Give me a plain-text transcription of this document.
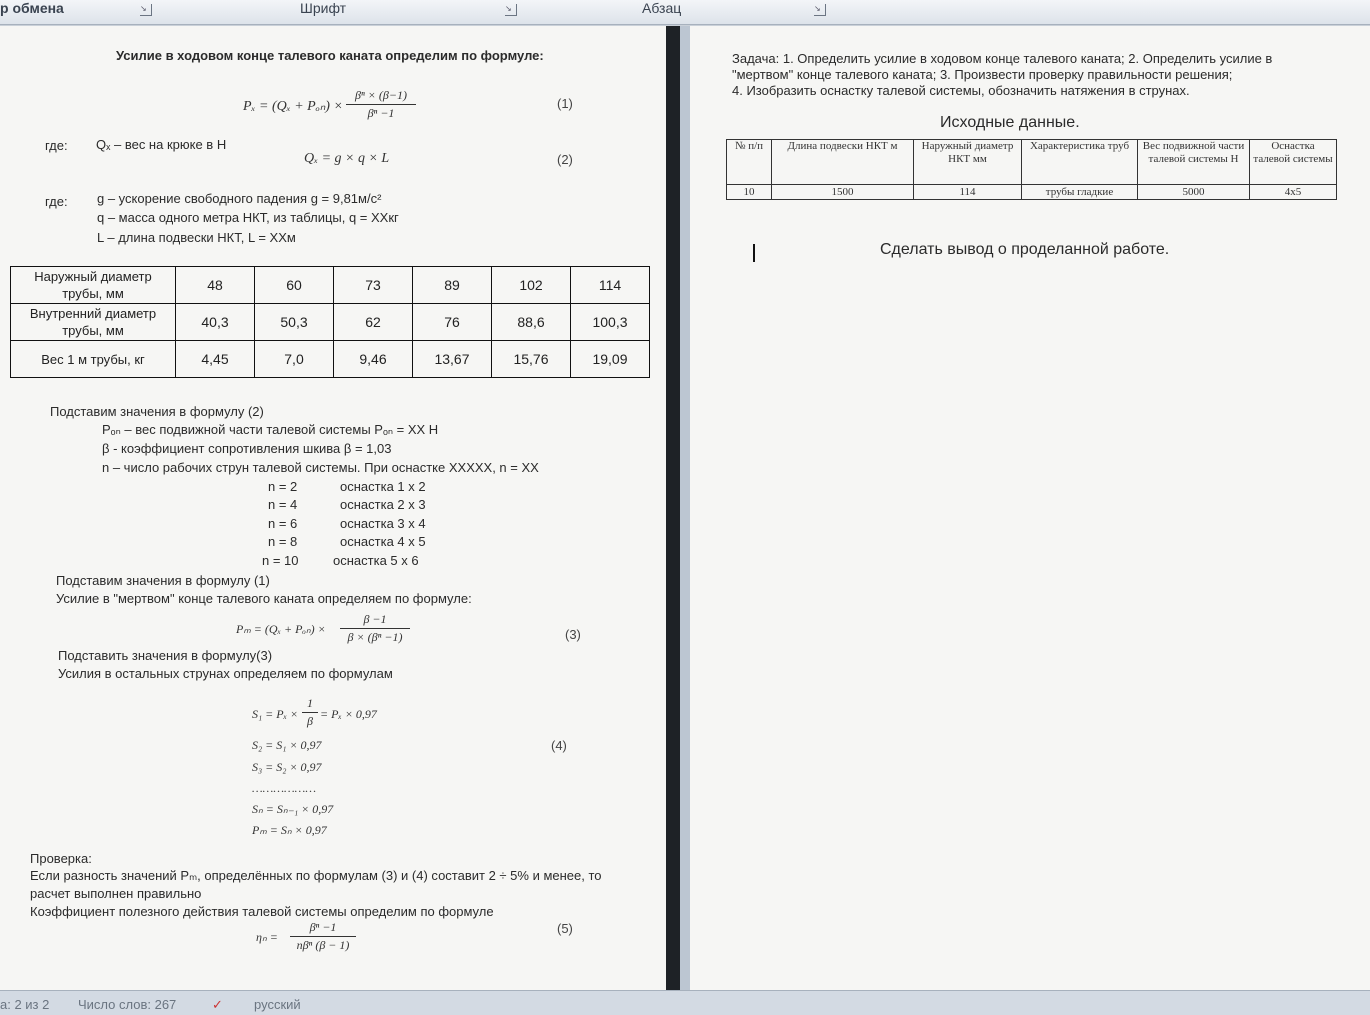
р обмена	↘	Шрифт	↘	Абзац	↘
Усилие в ходовом конце талевого каната определим по формуле:
Pₓ = (Qₓ + Pₒₙ) ×
βⁿ × (β−1)
βⁿ −1
(1)
где: Qₓ – вес на крюке в Н
Qₓ = g × q × L	(2)
где: g – ускорение свободного падения g = 9,81м/с²
q – масса одного метра НКТ, из таблицы, q = XXкг
L – длина подвески НКТ, L = XXм
Наружный диаметр трубы, мм	48	60	73	89	102	114
Внутренний диаметр трубы, мм	40,3	50,3	62	76	88,6	100,3
Вес 1 м трубы, кг	4,45	7,0	9,46	13,67	15,76	19,09
Подставим значения в формулу (2)
Pₒₙ – вес подвижной части талевой системы Pₒₙ = XX Н
β - коэффициент сопротивления шкива β = 1,03
n – число рабочих струн талевой системы. При оснастке XXXXX, n = XX
n = 2	оснастка 1 x 2
n = 4	оснастка 2 x 3
n = 6	оснастка 3 x 4
n = 8	оснастка 4 x 5
n = 10	оснастка 5 x 6
Подставим значения в формулу (1)
Усилие в "мертвом" конце талевого каната определяем по формуле:
Pₘ = (Qₓ + Pₒₙ) ×
β −1
β × (βⁿ −1)	(3)
Подставить значения в формулу(3)
Усилия в остальных струнах определяем по формулам
S₁ = Pₓ ×
1
β = Pₓ × 0,97
S₂ = S₁ × 0,97	(4)
S₃ = S₂ × 0,97
………………
Sₙ = Sₙ₋₁ × 0,97
Pₘ = Sₙ × 0,97
Проверка:
Если разность значений Pₘ, определённых по формулам (3) и (4) составит 2 ÷ 5% и менее, то
расчет выполнен правильно
Коэффициент полезного действия талевой системы определим по формуле
ηₙ =
βⁿ −1
nβⁿ (β − 1)
(5)
Задача: 1. Определить усилие в ходовом конце талевого каната; 2. Определить усилие в
"мертвом" конце талевого каната; 3. Произвести проверку правильности решения;
4. Изобразить оснастку талевой системы, обозначить натяжения в струнах.
Исходные данные.
№ п/п	Длина подвески НКТ м	Наружный диаметр НКТ мм	Характеристика труб	Вес подвижной части талевой системы Н	Оснастка талевой системы
10	1500	114	трубы гладкие	5000	4x5
Сделать вывод о проделанной работе.
а: 2 из 2 Число слов: 267	✓ русский
